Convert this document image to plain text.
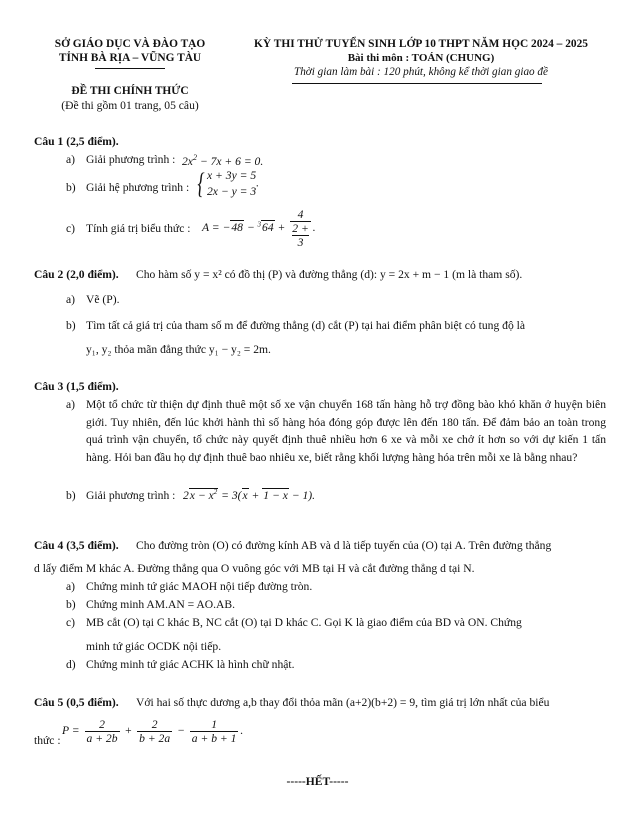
SỞ GIÁO DỤC VÀ ĐÀO TẠO
TỈNH BÀ RỊA – VŨNG TÀU
KỲ THI THỬ TUYỂN SINH LỚP 10 THPT NĂM HỌC 2024 – 2025
Bài thi môn : TOÁN (CHUNG)
Thời gian làm bài : 120 phút, không kể thời gian giao đề
ĐỀ THI CHÍNH THỨC
(Đề thi gồm 01 trang, 05 câu)
Câu 1 (2,5 điểm).
a) Giải phương trình : $2x^2 - 7x + 6 = 0$.
b) Giải hệ phương trình : { x + 3y = 5
2x − y = 3
.
c) Tính giá trị biểu thức : A = −48 − $^3$64 + 4
2 +
3 .
Câu 2 (2,0 điểm). Cho hàm số y = x² có đồ thị (P) và đường thẳng (d): y = 2x + m − 1 (m là tham số).
a) Vẽ (P).
b) Tìm tất cả giá trị của tham số m để đường thẳng (d) cắt (P) tại hai điểm phân biệt có tung độ là
y₁, y₂ thỏa mãn đẳng thức y₁ − y₂ = 2m.
Câu 3 (1,5 điểm).
a) Một tổ chức từ thiện dự định thuê một số xe vận chuyển 168 tấn hàng hỗ trợ đồng bào khó khăn ở huyện biên giới. Tuy nhiên, đến lúc khởi hành thì số hàng hóa đóng góp được lên đến 180 tấn. Để đảm bảo an toàn trong quá trình vận chuyển, tổ chức này quyết định thuê nhiều hơn 6 xe và mỗi xe chở ít hơn so với dự kiến 1 tấn hàng. Hỏi ban đầu họ dự định thuê bao nhiêu xe, biết rằng khối lượng hàng hóa trên mỗi xe là bằng nhau?
b) Giải phương trình : $2x - x^2 = 3(x + 1 - x - 1)$.
Câu 4 (3,5 điểm). Cho đường tròn (O) có đường kính AB và d là tiếp tuyến của (O) tại A. Trên đường thẳng
d lấy điểm M khác A. Đường thẳng qua O vuông góc với MB tại H và cắt đường thẳng d tại N.
a) Chứng minh tứ giác MAOH nội tiếp đường tròn.
b) Chứng minh AM.AN = AO.AB.
c) MB cắt (O) tại C khác B, NC cắt (O) tại D khác C. Gọi K là giao điểm của BD và ON. Chứng
minh tứ giác OCDK nội tiếp.
d) Chứng minh tứ giác ACHK là hình chữ nhật.
Câu 5 (0,5 điểm). Với hai số thực dương a,b thay đổi thỏa mãn (a+2)(b+2) = 9, tìm giá trị lớn nhất của biểu
thức :
$P = \frac{2}{a + 2b} + \frac{2}{b + 2a} - \frac{1}{a + b + 1}$ .
-----HẾT-----
